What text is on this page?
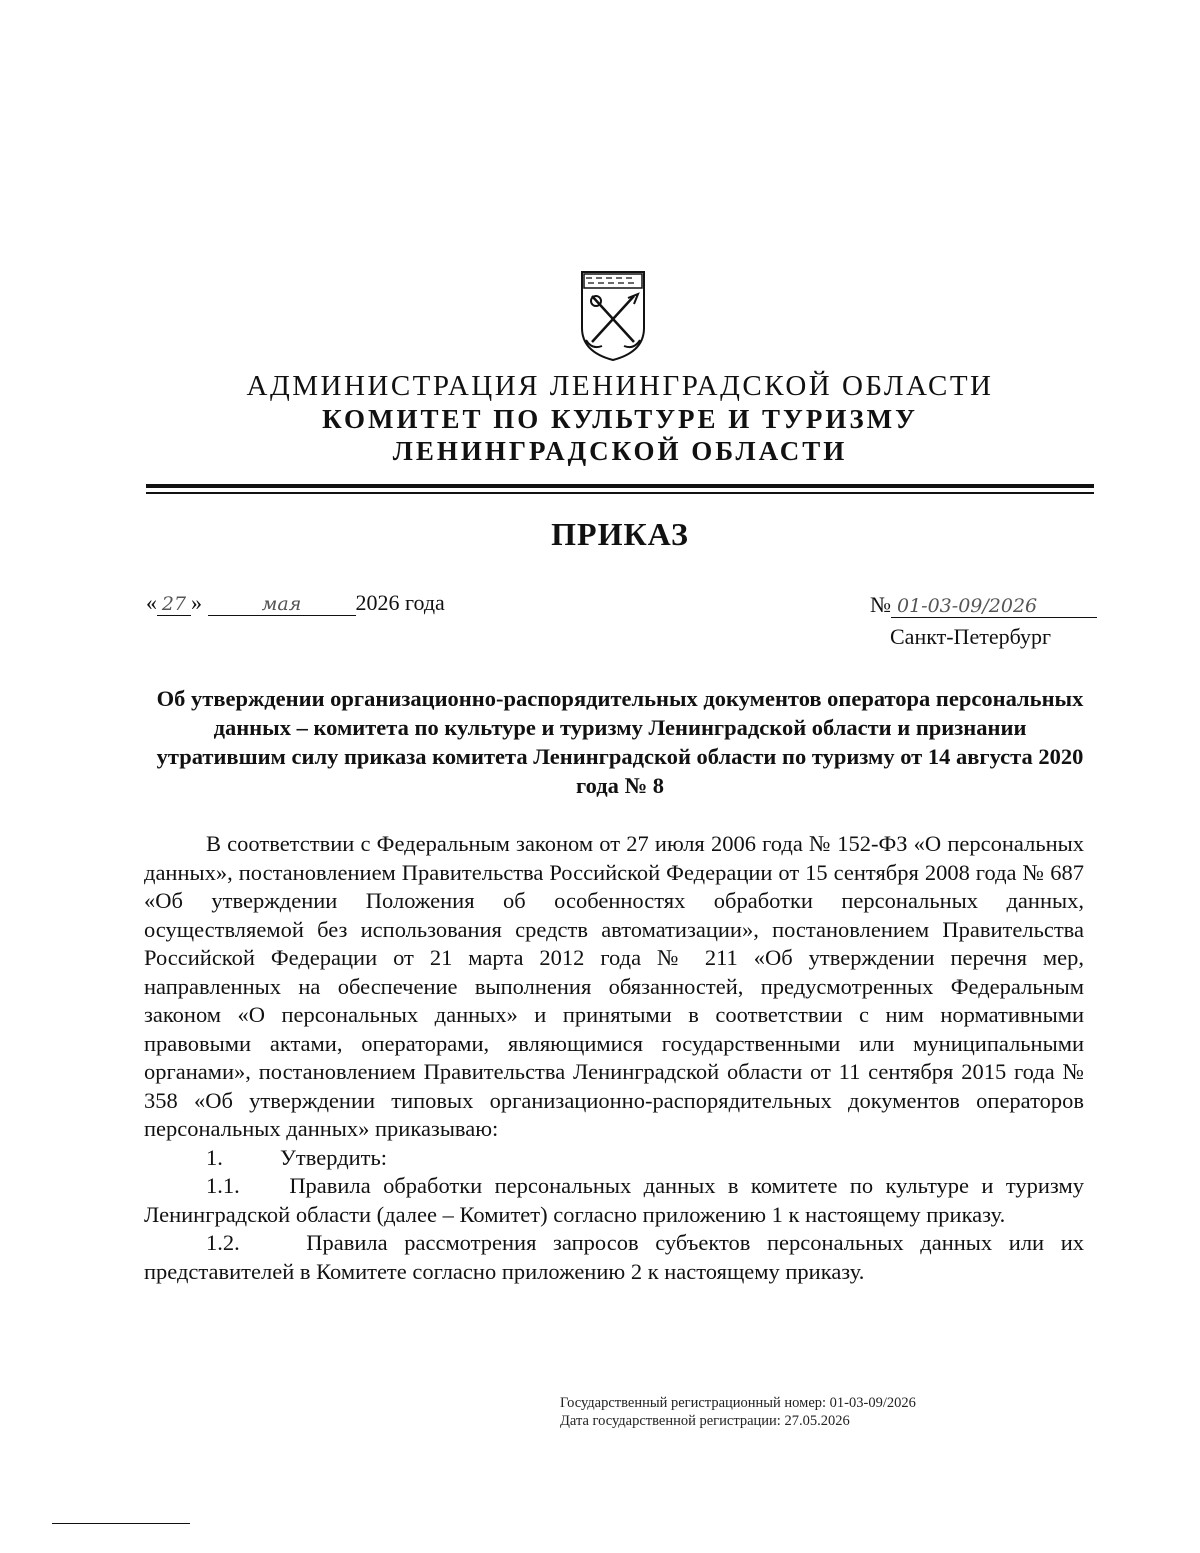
АДМИНИСТРАЦИЯ ЛЕНИНГРАДСКОЙ ОБЛАСТИ
КОМИТЕТ ПО КУЛЬТУРЕ И ТУРИЗМУ
ЛЕНИНГРАДСКОЙ ОБЛАСТИ
ПРИКАЗ
« 27 »	мая 2026 года	№ 01-03-09/2026
Санкт-Петербург
Об утверждении организационно-распорядительных документов оператора персональных данных – комитета по культуре и туризму Ленинградской области и признании утратившим силу приказа комитета Ленинградской области по туризму от 14 августа 2020 года № 8

В соответствии с Федеральным законом от 27 июля 2006 года № 152-ФЗ «О персональных данных», постановлением Правительства Российской Федерации от 15 сентября 2008 года № 687 «Об утверждении Положения об особенностях обработки персональных данных, осуществляемой без использования средств автоматизации», постановлением Правительства Российской Федерации от 21 марта 2012 года № 211 «Об утверждении перечня мер, направленных на обеспечение выполнения обязанностей, предусмотренных Федеральным законом «О персональных данных» и принятыми в соответствии с ним нормативными правовыми актами, операторами, являющимися государственными или муниципальными органами», постановлением Правительства Ленинградской области от 11 сентября 2015 года № 358 «Об утверждении типовых организационно-распорядительных документов операторов персональных данных» приказываю:

1.	Утвердить:

1.1. Правила обработки персональных данных в комитете по культуре и туризму Ленинградской области (далее – Комитет) согласно приложению 1 к настоящему приказу.

1.2.	Правила рассмотрения запросов субъектов персональных данных или их представителей в Комитете согласно приложению 2 к настоящему приказу.

Государственный регистрационный номер: 01-03-09/2026
Дата государственной регистрации: 27.05.2026
